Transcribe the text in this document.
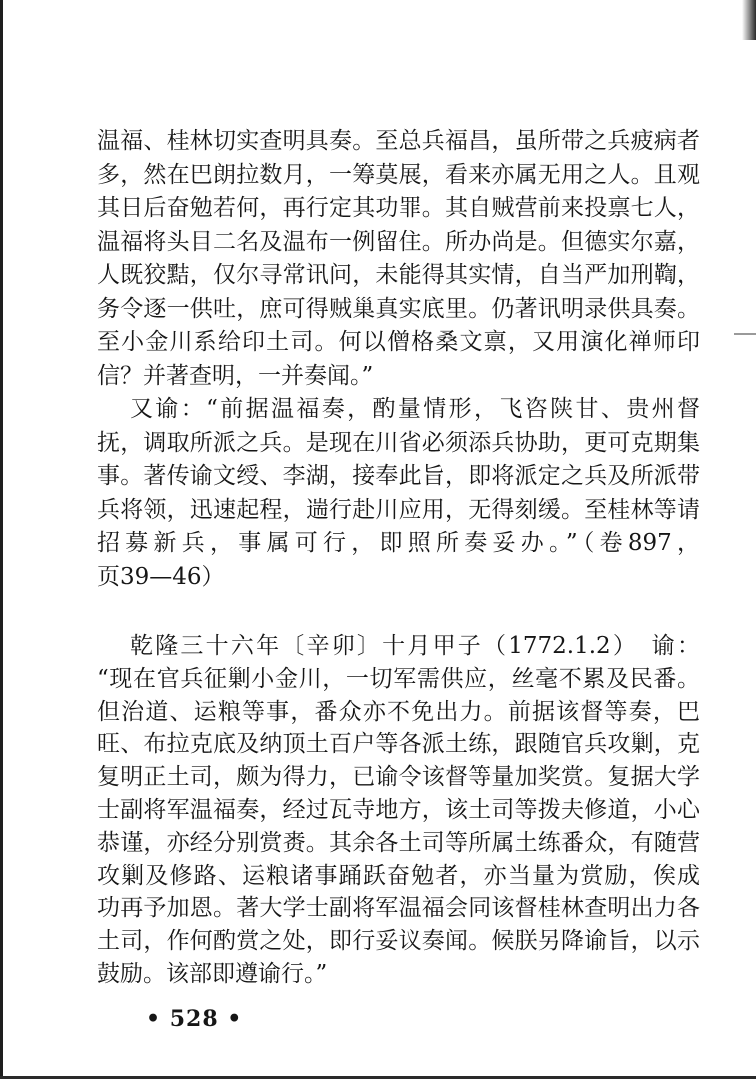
温福、桂林切实查明具奏。至总兵福昌，虽所带之兵疲病者
多，然在巴朗拉数月，一筹莫展，看来亦属无用之人。且观
其日后奋勉若何，再行定其功罪。其自贼营前来投禀七人，
温福将头目二名及温布一例留住。所办尚是。但德实尔嘉，
人既狡黠，仅尔寻常讯问，未能得其实情，自当严加刑鞫，
务令逐一供吐，庶可得贼巢真实底里。仍著讯明录供具奏。
至小金川系给印土司。何以僧格桑文禀，又用演化禅师印
信？并著查明，一并奏闻。”
又谕：“前据温福奏，酌量情形，飞咨陕甘、贵州督
抚，调取所派之兵。是现在川省必须添兵协助，更可克期集
事。著传谕文绶、李湖，接奉此旨，即将派定之兵及所派带
兵将领，迅速起程，遄行赴川应用，无得刻缓。至桂林等请
招募新兵，事属可行，即照所奏妥办。”（卷897，
页39—46）
乾隆三十六年〔辛卯〕十月甲子（1772.1.2）　谕：
“现在官兵征剿小金川，一切军需供应，丝毫不累及民番。
但治道、运粮等事，番众亦不免出力。前据该督等奏，巴
旺、布拉克底及纳顶土百户等各派土练，跟随官兵攻剿，克
复明正土司，颇为得力，已谕令该督等量加奖赏。复据大学
士副将军温福奏，经过瓦寺地方，该土司等拨夫修道，小心
恭谨，亦经分别赏赉。其余各土司等所属土练番众，有随营
攻剿及修路、运粮诸事踊跃奋勉者，亦当量为赏励，俟成
功再予加恩。著大学士副将军温福会同该督桂林查明出力各
土司，作何酌赏之处，即行妥议奏闻。候朕另降谕旨，以示
鼓励。该部即遵谕行。”
• 528 •
